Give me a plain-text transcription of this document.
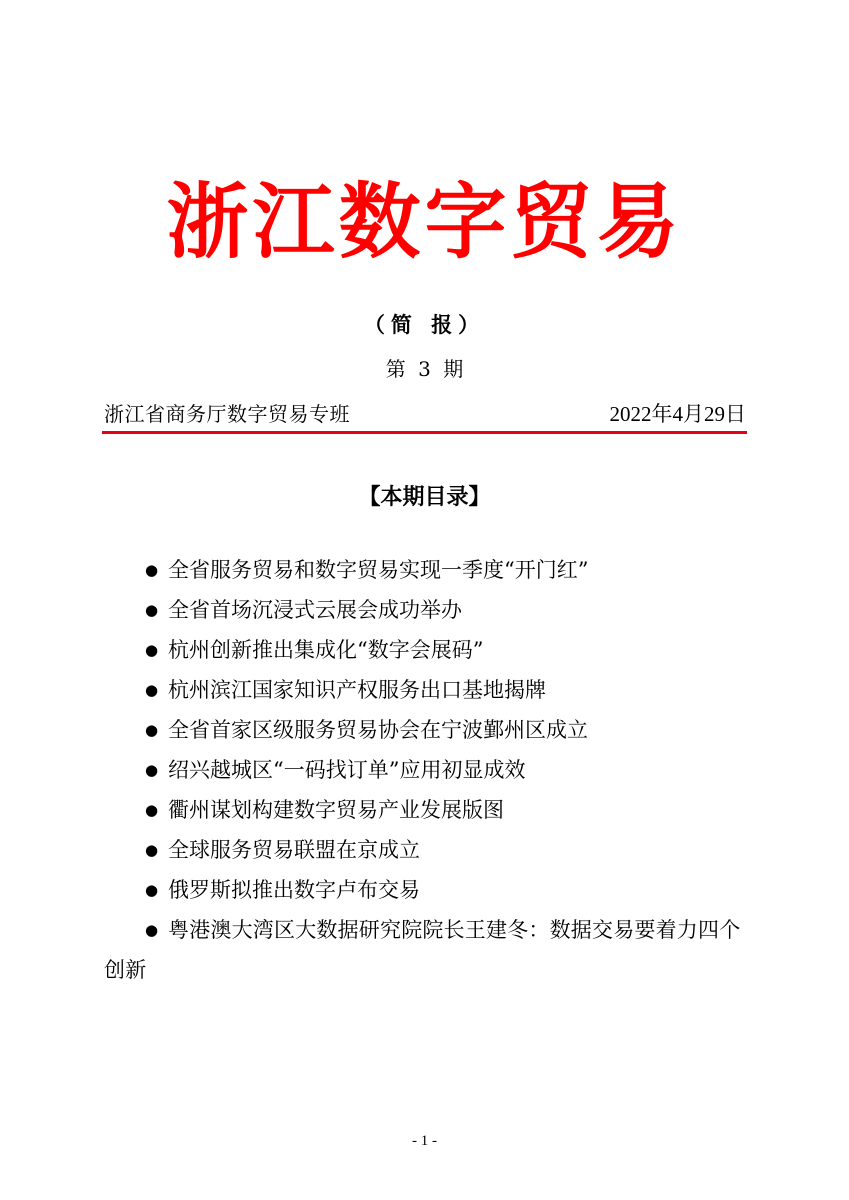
浙江数字贸易
（简 报）
第 3 期
浙江省商务厅数字贸易专班	2022年4月29日
【本期目录】
● 全省服务贸易和数字贸易实现一季度“开门红”
● 全省首场沉浸式云展会成功举办
● 杭州创新推出集成化“数字会展码”
● 杭州滨江国家知识产权服务出口基地揭牌
● 全省首家区级服务贸易协会在宁波鄞州区成立
● 绍兴越城区“一码找订单”应用初显成效
● 衢州谋划构建数字贸易产业发展版图
● 全球服务贸易联盟在京成立
● 俄罗斯拟推出数字卢布交易
● 粤港澳大湾区大数据研究院院长王建冬：数据交易要着力四个创新
- 1 -
